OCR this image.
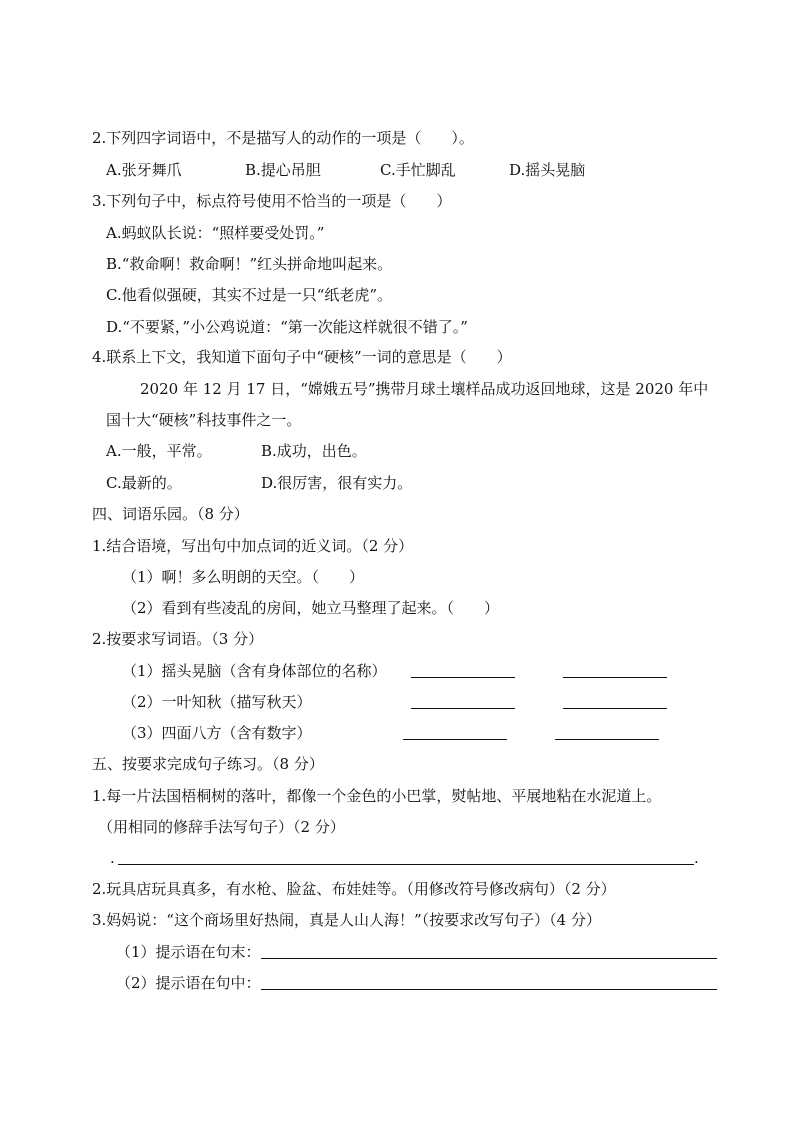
2.下列四字词语中，不是描写人的动作的一项是（　　）。
A.张牙舞爪	B.提心吊胆	C.手忙脚乱	D.摇头晃脑
3.下列句子中，标点符号使用不恰当的一项是（　　）
A.蚂蚁队长说：“照样要受处罚。”
B.“救命啊！救命啊！”红头拼命地叫起来。
C.他看似强硬，其实不过是一只“纸老虎”。
D.“不要紧，”小公鸡说道：“第一次能这样就很不错了。”
4.联系上下文，我知道下面句子中“硬核”一词的意思是（　　）
2020 年 12 月 17 日，“嫦娥五号”携带月球土壤样品成功返回地球，这是 2020 年中
国十大“硬核”科技事件之一。
A.一般，平常。	B.成功，出色。
C.最新的。	D.很厉害，很有实力。
四、词语乐园。（8 分）
1.结合语境，写出句中加点词的近义词。（2 分）
（1）啊！多么明朗的天空。（　　）
（2）看到有些凌乱的房间，她立马整理了起来。（　　）
2.按要求写词语。（3 分）
（1）摇头晃脑（含有身体部位的名称）
（2）一叶知秋（描写秋天）
（3）四面八方（含有数字）
五、按要求完成句子练习。（8 分）
1.每一片法国梧桐树的落叶，都像一个金色的小巴掌，熨帖地、平展地粘在水泥道上。
（用相同的修辞手法写句子）（2 分）
.	.
2.玩具店玩具真多，有水枪、脸盆、布娃娃等。（用修改符号修改病句）（2 分）
3.妈妈说：“这个商场里好热闹，真是人山人海！”（按要求改写句子）（4 分）
（1）提示语在句末：
（2）提示语在句中：
